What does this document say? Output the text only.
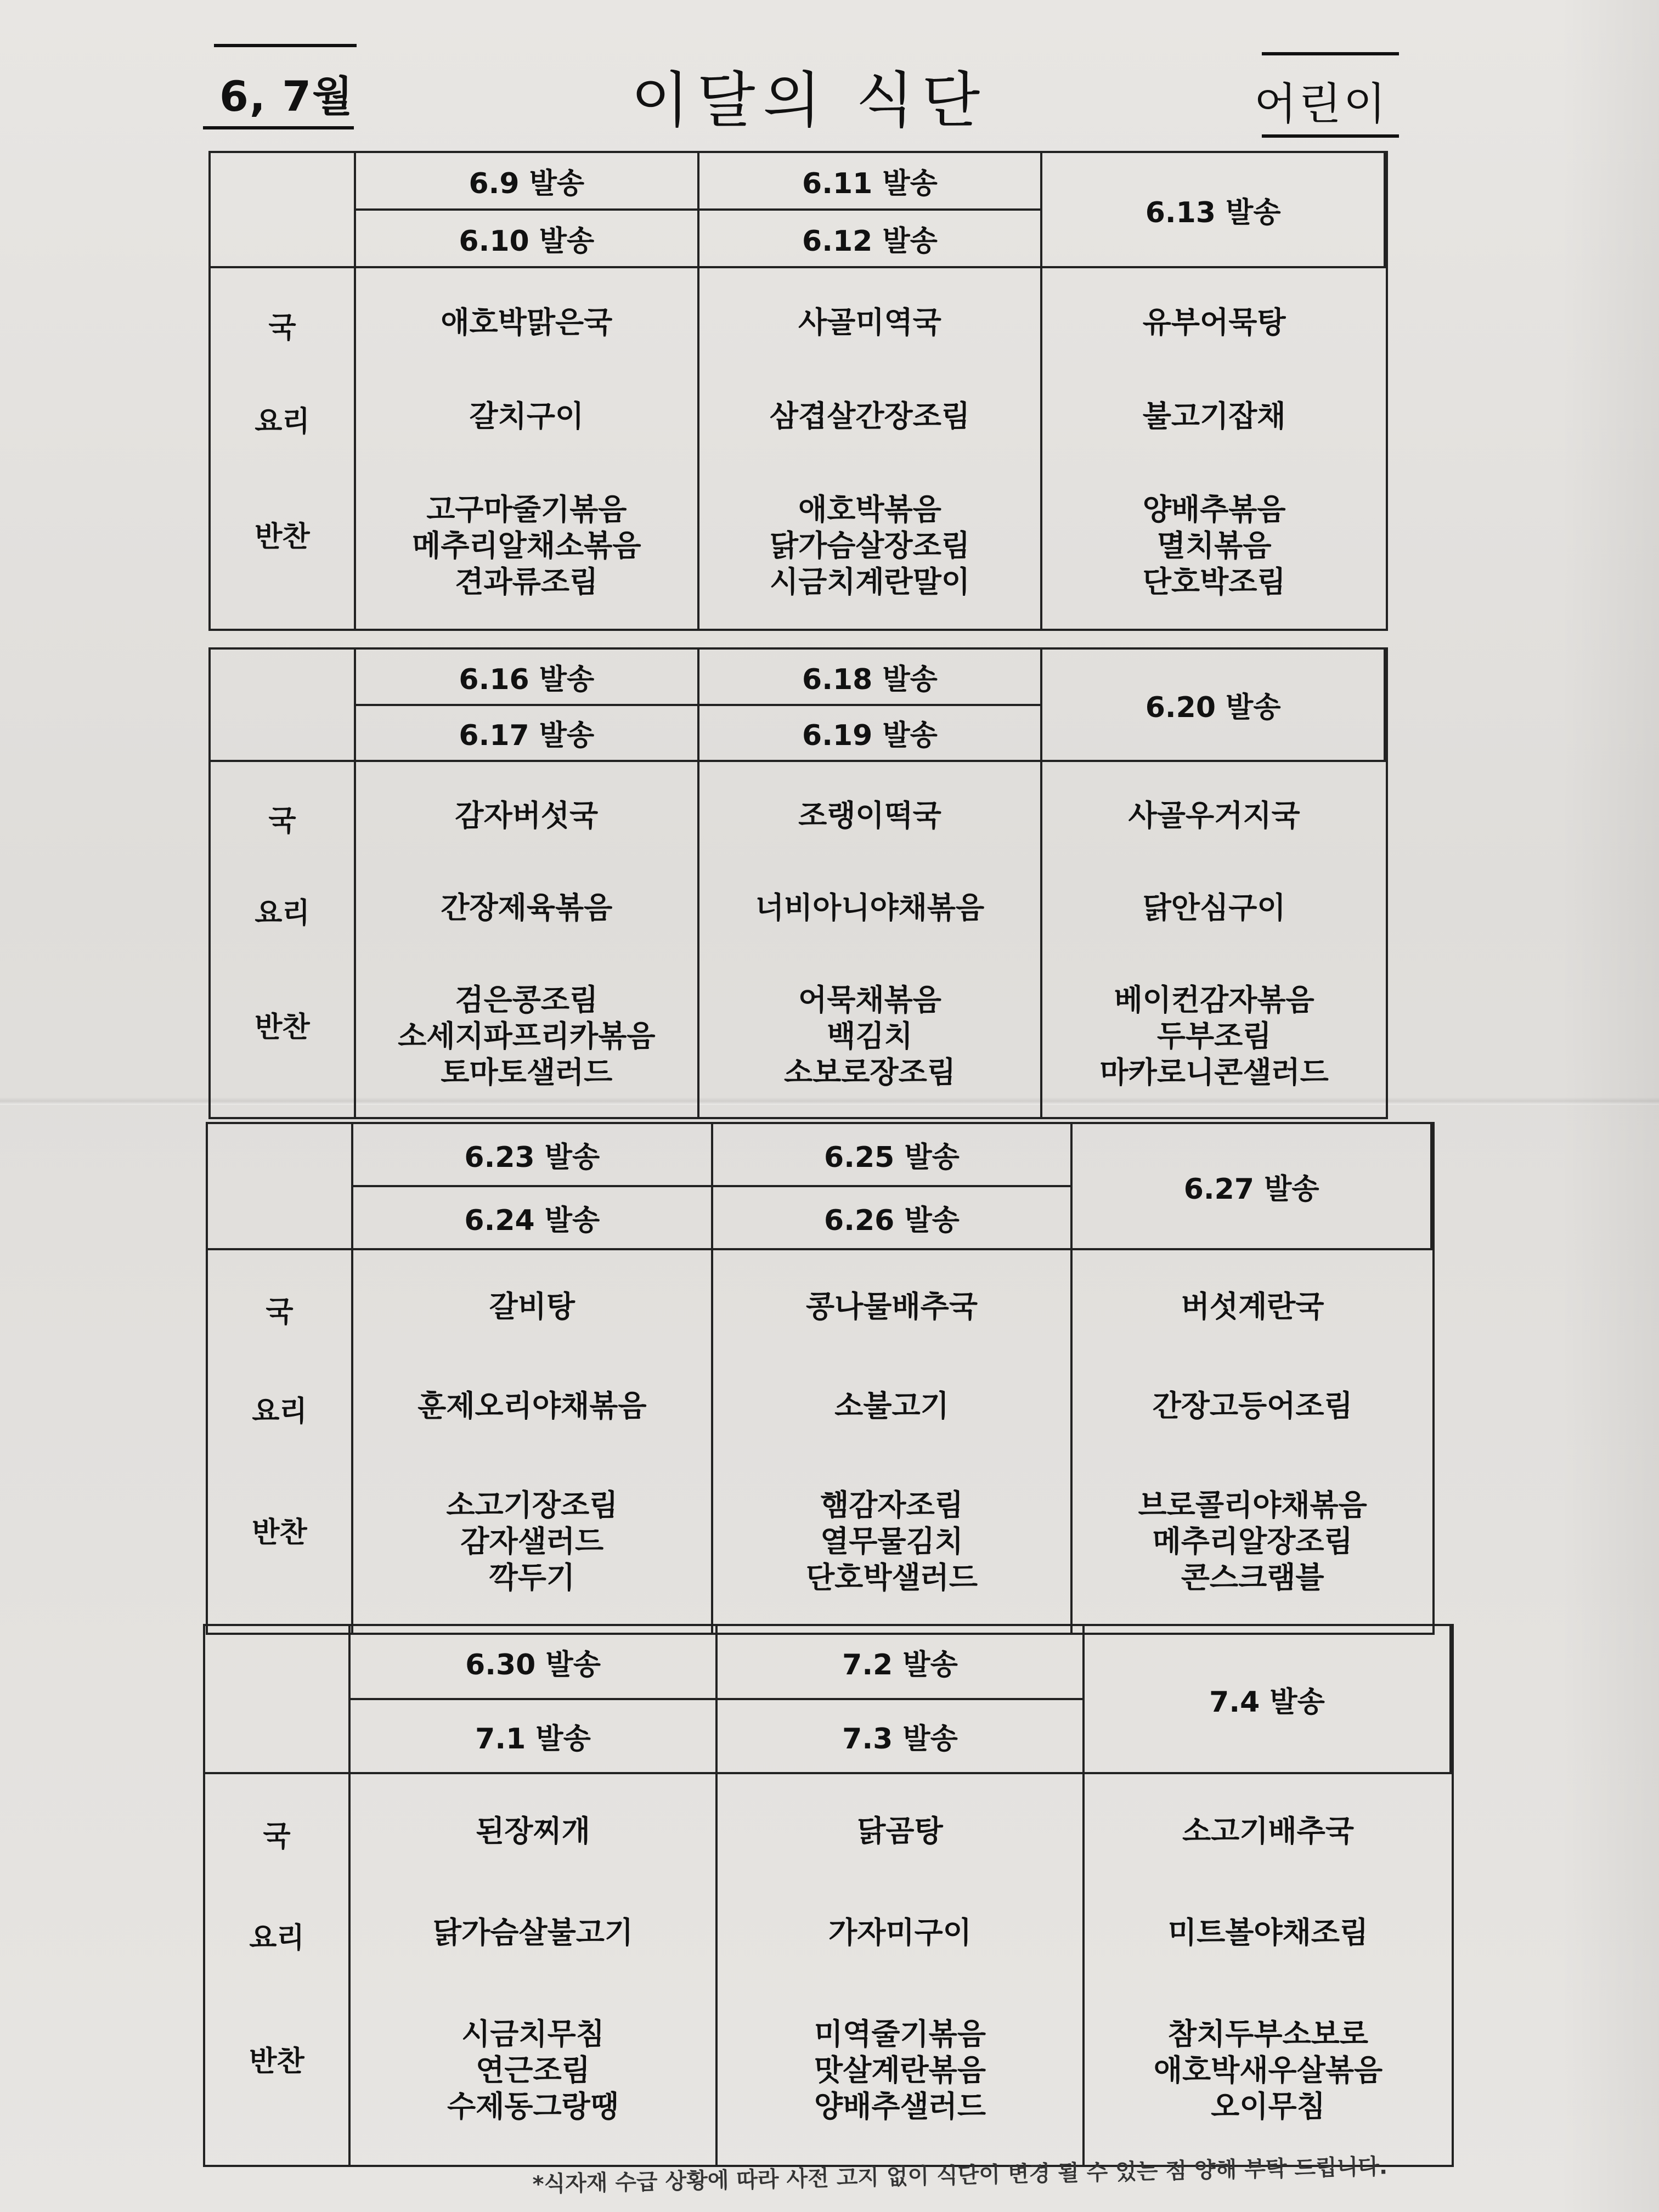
6, 7월	이달의 식단	어린이
6.9 발송
6.10 발송
6.11 발송
6.12 발송
6.13 발송
국
요리
반찬
애호박맑은국
갈치구이
고구마줄기볶음
메추리알채소볶음
견과류조림
사골미역국
삼겹살간장조림
애호박볶음
닭가슴살장조림
시금치계란말이
유부어묵탕
불고기잡채
양배추볶음
멸치볶음
단호박조림
6.16 발송
6.17 발송
6.18 발송
6.19 발송
6.20 발송
국
요리
반찬
감자버섯국
간장제육볶음
검은콩조림
소세지파프리카볶음
토마토샐러드
조랭이떡국
너비아니야채볶음
어묵채볶음
백김치
소보로장조림
사골우거지국
닭안심구이
베이컨감자볶음
두부조림
마카로니콘샐러드
6.23 발송
6.24 발송
6.25 발송
6.26 발송
6.27 발송
국
요리
반찬
갈비탕
훈제오리야채볶음
소고기장조림
감자샐러드
깍두기
콩나물배추국
소불고기
햄감자조림
열무물김치
단호박샐러드
버섯계란국
간장고등어조림
브로콜리야채볶음
메추리알장조림
콘스크램블
6.30 발송
7.1 발송
7.2 발송
7.3 발송
7.4 발송
국
요리
반찬
된장찌개
닭가슴살불고기
시금치무침
연근조림
수제동그랑땡
닭곰탕
가자미구이
미역줄기볶음
맛살계란볶음
양배추샐러드
소고기배추국
미트볼야채조림
참치두부소보로
애호박새우살볶음
오이무침
*식자재 수급 상황에 따라 사전 고지 없이 식단이 변경 될 수 있는 점 양해 부탁 드립니다.
